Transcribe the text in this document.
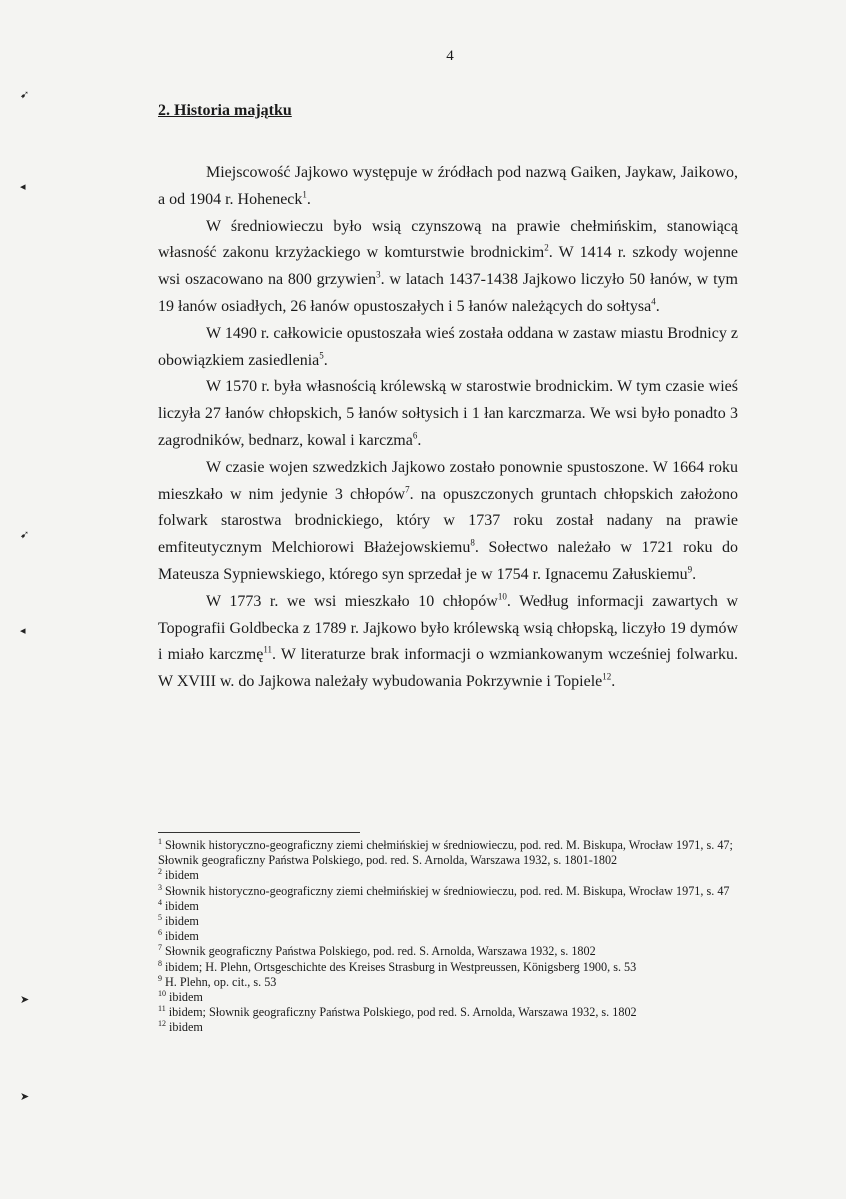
➹
◂
➹
◂
➤
➤
4
2. Historia majątku

Miejscowość Jajkowo występuje w źródłach pod nazwą Gaiken, Jaykaw, Jaikowo, a od 1904 r. Hoheneck$^1$.

W średniowieczu było wsią czynszową na prawie chełmińskim, stanowiącą własność zakonu krzyżackiego w komturstwie brodnickim$^2$. W 1414 r. szkody wojenne wsi oszacowano na 800 grzywien$^3$. w latach 1437-1438 Jajkowo liczyło 50 łanów, w tym 19 łanów osiadłych, 26 łanów opustoszałych i 5 łanów należących do sołtysa$^4$.

W 1490 r. całkowicie opustoszała wieś została oddana w zastaw miastu Brodnicy z obowiązkiem zasiedlenia$^5$.

W 1570 r. była własnością królewską w starostwie brodnickim. W tym czasie wieś liczyła 27 łanów chłopskich, 5 łanów sołtysich i 1 łan karczmarza. We wsi było ponadto 3 zagrodników, bednarz, kowal i karczma$^6$.

W czasie wojen szwedzkich Jajkowo zostało ponownie spustoszone. W 1664 roku mieszkało w nim jedynie 3 chłopów$^7$. na opuszczonych gruntach chłopskich założono folwark starostwa brodnickiego, który w 1737 roku został nadany na prawie emfiteutycznym Melchiorowi Błażejowskiemu$^8$. Sołectwo należało w 1721 roku do Mateusza Sypniewskiego, którego syn sprzedał je w 1754 r. Ignacemu Załuskiemu$^9$.

W 1773 r. we wsi mieszkało 10 chłopów$^{10}$. Według informacji zawartych w Topografii Goldbecka z 1789 r. Jajkowo było królewską wsią chłopską, liczyło 19 dymów i miało karczmę$^{11}$. W literaturze brak informacji o wzmiankowanym wcześniej folwarku. W XVIII w. do Jajkowa należały wybudowania Pokrzywnie i Topiele$^{12}$.

$^1$ Słownik historyczno-geograficzny ziemi chełmińskiej w średniowieczu, pod. red. M. Biskupa, Wrocław 1971, s. 47; Słownik geograficzny Państwa Polskiego, pod. red. S. Arnolda, Warszawa 1932, s. 1801-1802
$^2$ ibidem
$^3$ Słownik historyczno-geograficzny ziemi chełmińskiej w średniowieczu, pod. red. M. Biskupa, Wrocław 1971, s. 47
$^4$ ibidem
$^5$ ibidem
$^6$ ibidem
$^7$ Słownik geograficzny Państwa Polskiego, pod. red. S. Arnolda, Warszawa 1932, s. 1802
$^8$ ibidem; H. Plehn, Ortsgeschichte des Kreises Strasburg in Westpreussen, Königsberg 1900, s. 53
$^9$ H. Plehn, op. cit., s. 53
$^{10}$ ibidem
$^{11}$ ibidem; Słownik geograficzny Państwa Polskiego, pod red. S. Arnolda, Warszawa 1932, s. 1802
$^{12}$ ibidem
